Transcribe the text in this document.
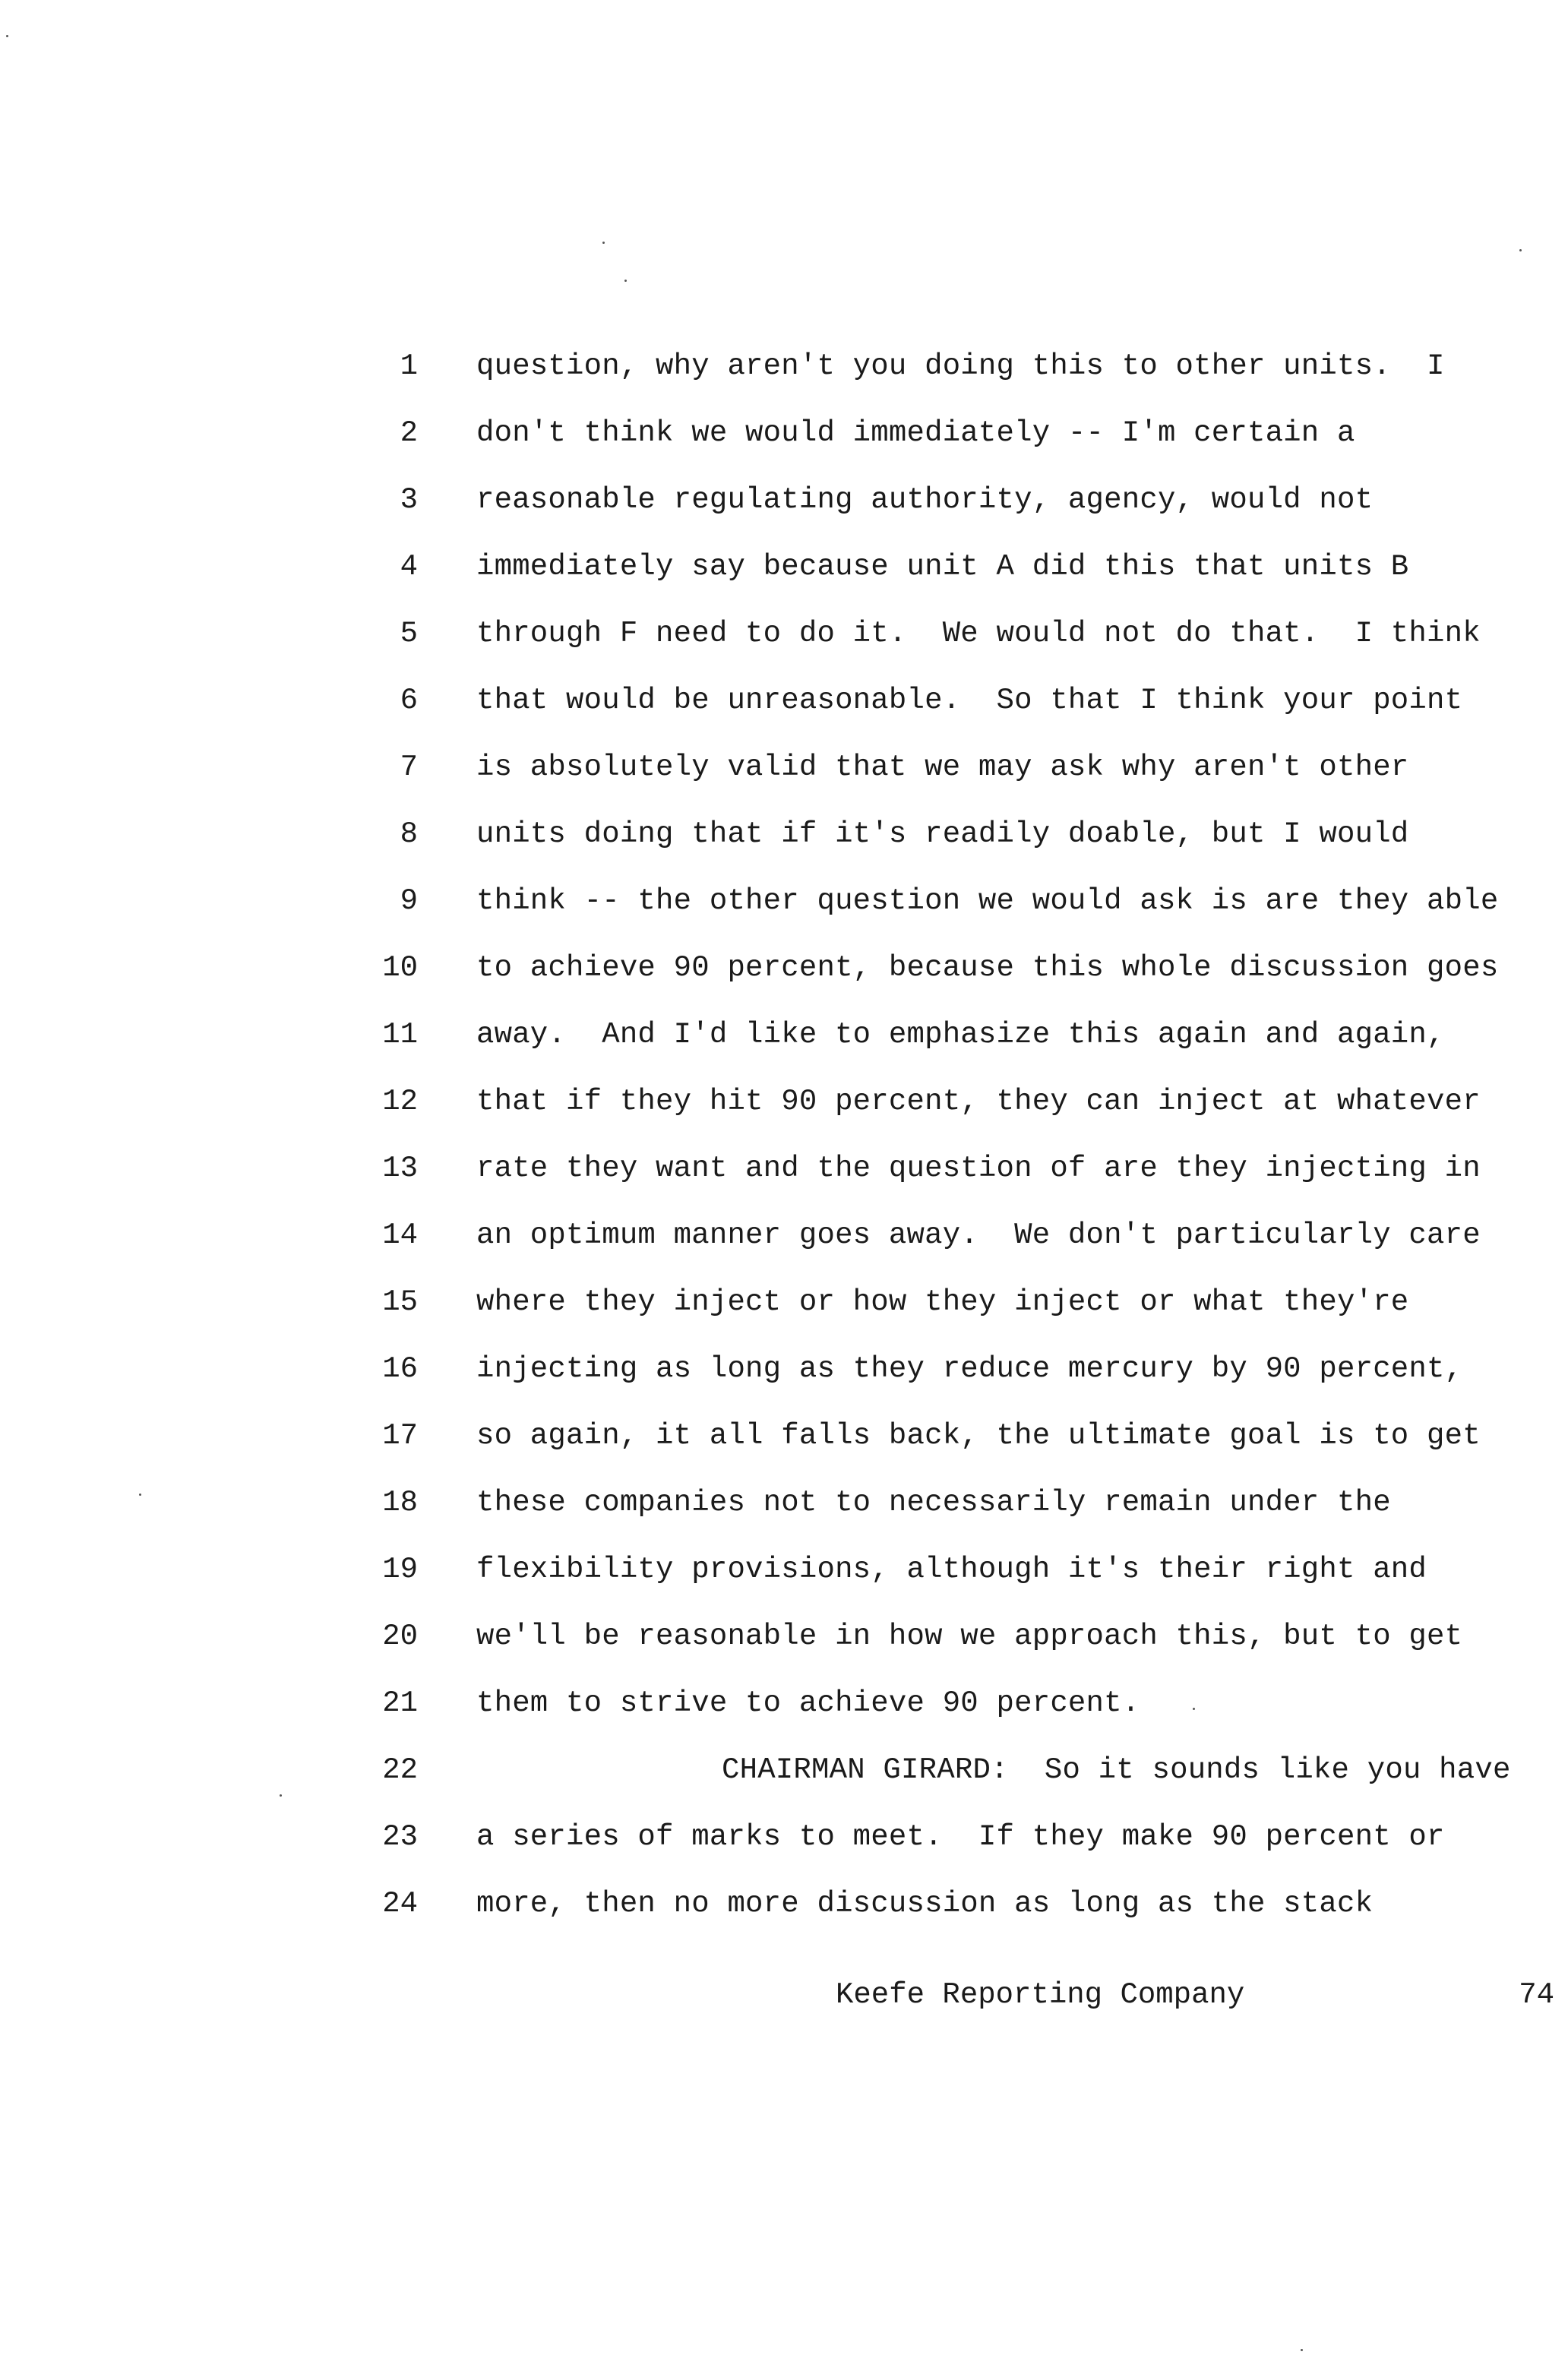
1 question, why aren't you doing this to other units.  I
2 don't think we would immediately -- I'm certain a
3 reasonable regulating authority, agency, would not
4 immediately say because unit A did this that units B
5 through F need to do it.  We would not do that.  I think
6 that would be unreasonable.  So that I think your point
7 is absolutely valid that we may ask why aren't other
8 units doing that if it's readily doable, but I would
9 think -- the other question we would ask is are they able
10 to achieve 90 percent, because this whole discussion goes
11 away.  And I'd like to emphasize this again and again,
12 that if they hit 90 percent, they can inject at whatever
13 rate they want and the question of are they injecting in
14 an optimum manner goes away.  We don't particularly care
15 where they inject or how they inject or what they're
16 injecting as long as they reduce mercury by 90 percent,
17 so again, it all falls back, the ultimate goal is to get
18 these companies not to necessarily remain under the
19 flexibility provisions, although it's their right and
20 we'll be reasonable in how we approach this, but to get
21 them to strive to achieve 90 percent.
22	CHAIRMAN GIRARD:  So it sounds like you have
23 a series of marks to meet.  If they make 90 percent or
24 more, then no more discussion as long as the stack
Keefe Reporting Company	74
